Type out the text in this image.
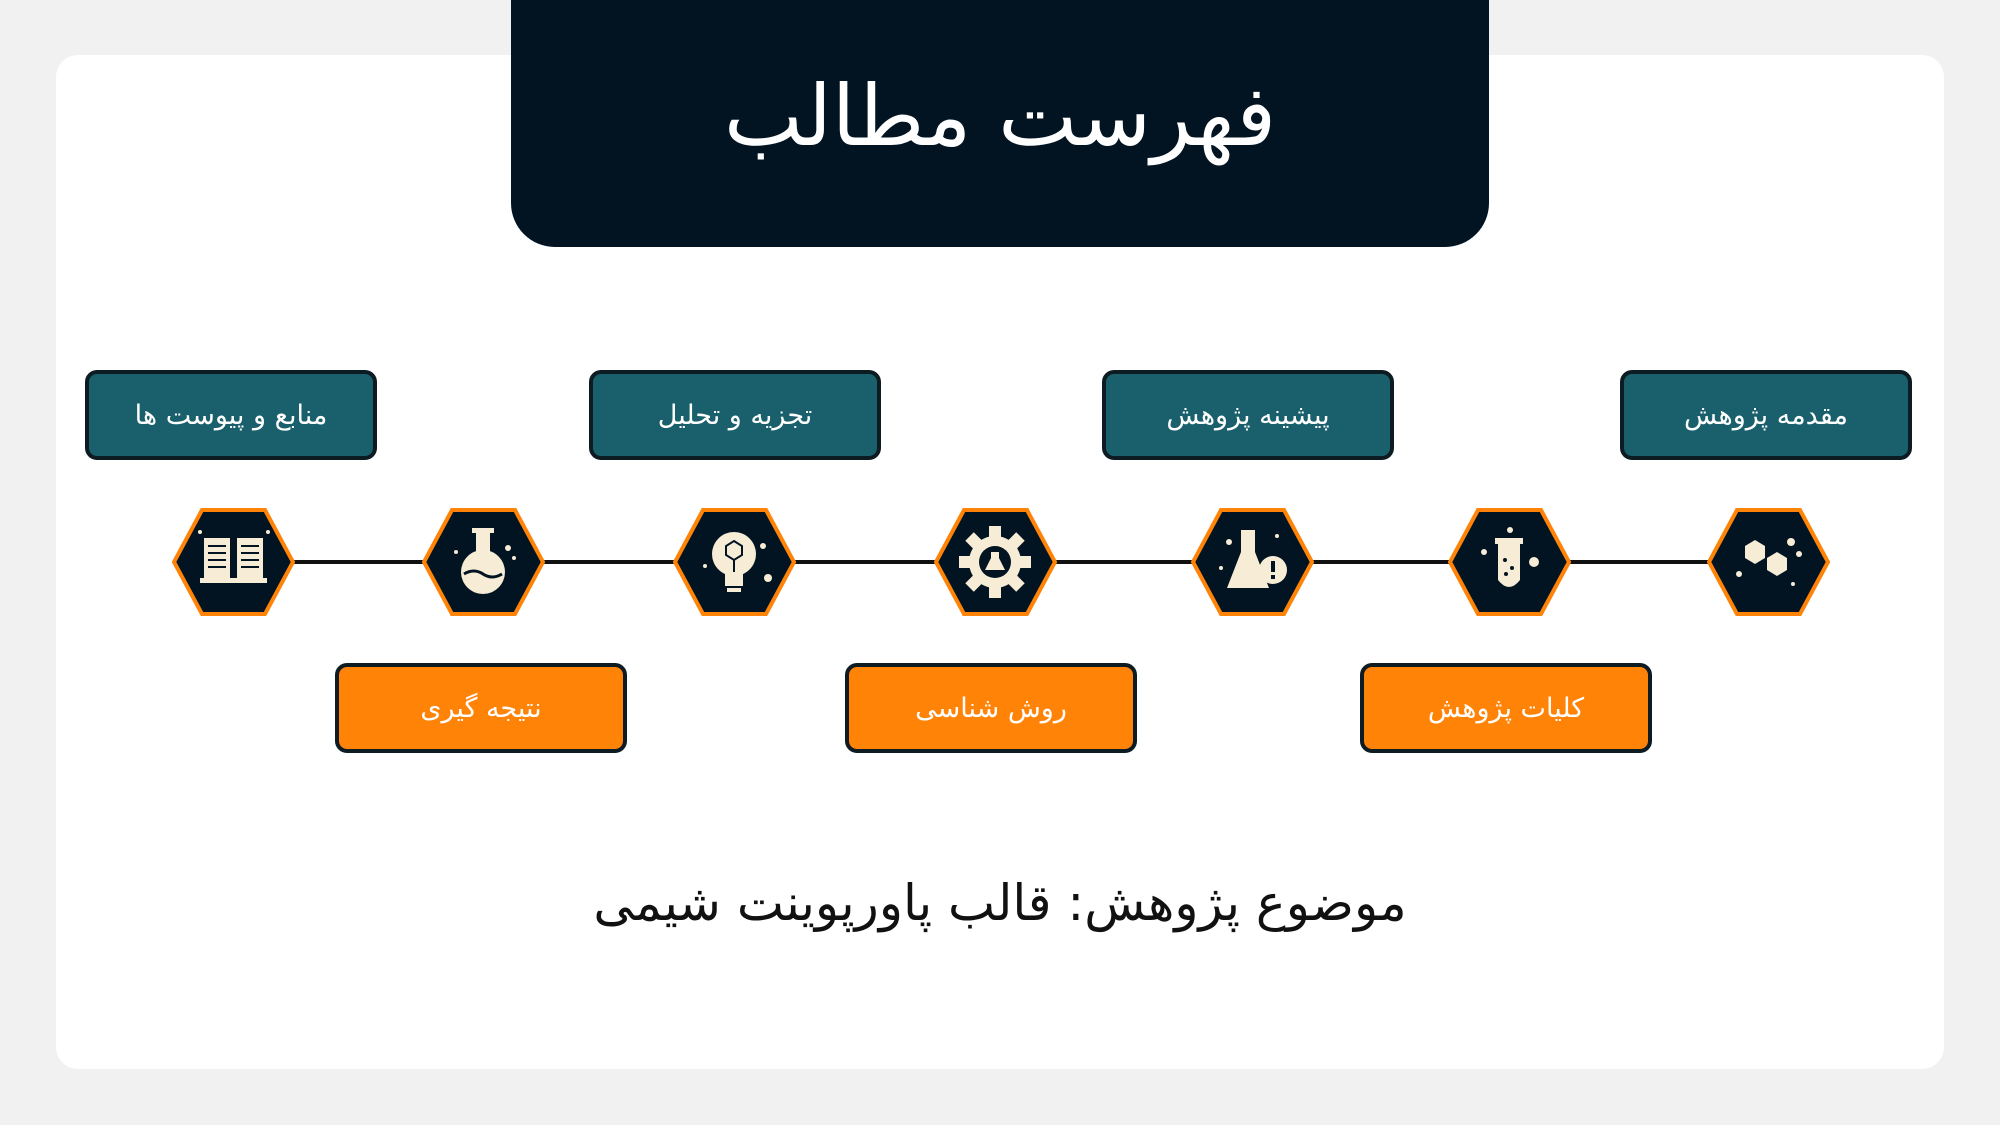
فهرست مطالب
منابع و پیوست ها	تجزیه و تحلیل	پیشینه پژوهش	مقدمه پژوهش
نتیجه گیری	روش شناسی	کلیات پژوهش
موضوع پژوهش: قالب پاورپوینت شیمی
